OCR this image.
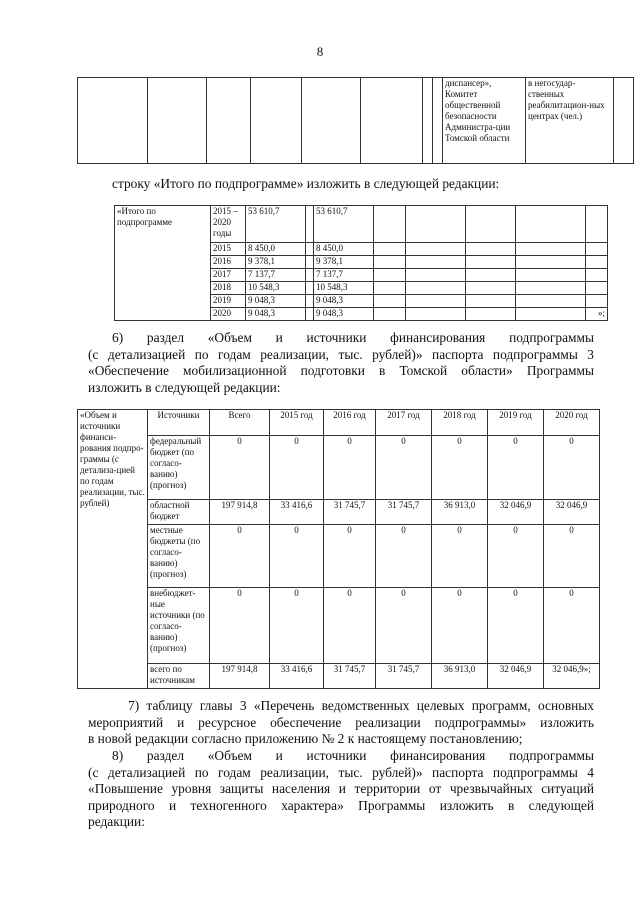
8
								диспансер», Комитет общественной безопасности Администра-ции Томской области	в негосудар-ственных реабилитацион-ных центрах (чел.)	
строку «Итого по подпрограмме» изложить в следующей редакции:
«Итого по подпрограмме	2015 – 2020 годы	53 610,7		53 610,7					
	2015	8 450,0		8 450,0					
	2016	9 378,1		9 378,1					
	2017	7 137,7		7 137,7					
	2018	10 548,3		10 548,3					
	2019	9 048,3		9 048,3					
	2020	9 048,3		9 048,3					»;
6) раздел «Объем и источники финансирования подпрограммы
(с детализацией по годам реализации, тыс. рублей)» паспорта подпрограммы 3
«Обеспечение мобилизационной подготовки в Томской области» Программы
изложить в следующей редакции:
«Объем и источники финанси-рования подпро-граммы (с детализа-цией по годам реализации, тыс. рублей)	Источники	Всего	2015 год	2016 год	2017 год	2018 год	2019 год	2020 год
	федеральный бюджет (по согласо-ванию) (прогноз)	0	0	0	0	0	0	0
	областной бюджет	197 914,8	33 416,6	31 745,7	31 745,7	36 913,0	32 046,9	32 046,9
	местные бюджеты (по согласо-ванию) (прогноз)	0	0	0	0	0	0	0
	внебюджет-ные источники (по согласо-ванию) (прогноз)	0	0	0	0	0	0	0
	всего по источникам	197 914,8	33 416,6	31 745,7	31 745,7	36 913,0	32 046,9	32 046,9»;
7) таблицу главы 3 «Перечень ведомственных целевых программ, основных
мероприятий и ресурсное обеспечение реализации подпрограммы» изложить
в новой редакции согласно приложению № 2 к настоящему постановлению;
8) раздел «Объем и источники финансирования подпрограммы
(с детализацией по годам реализации, тыс. рублей)» паспорта подпрограммы 4
«Повышение уровня защиты населения и территории от чрезвычайных ситуаций
природного и техногенного характера» Программы изложить в следующей
редакции:
